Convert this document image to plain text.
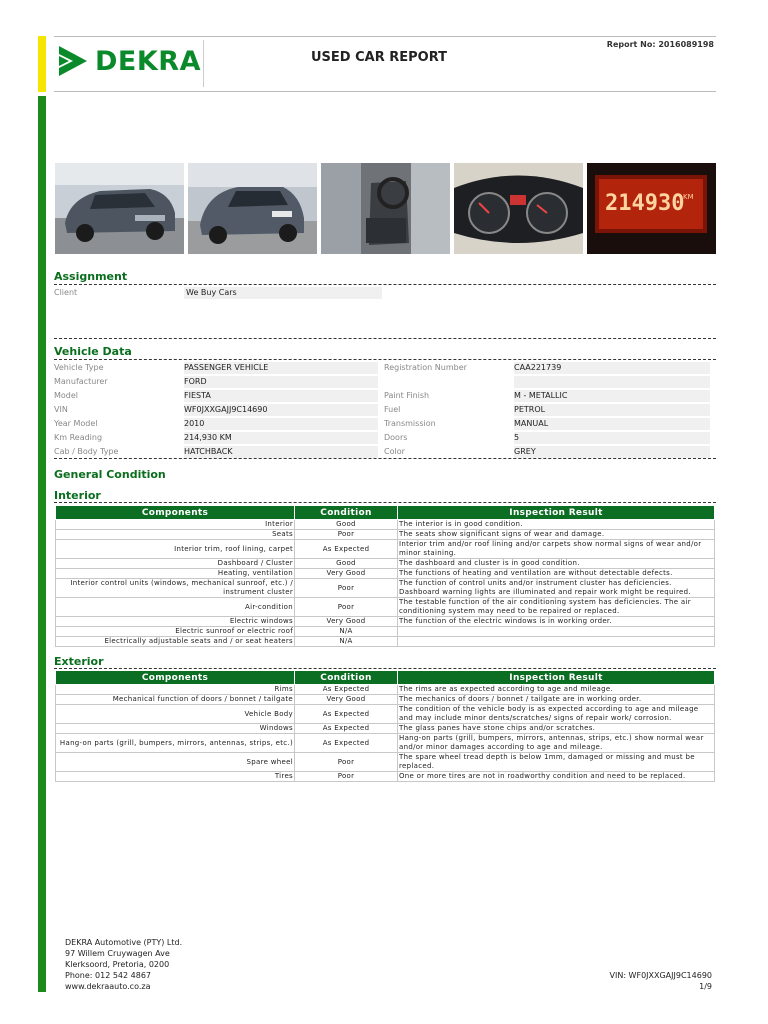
DEKRA	USED CAR REPORT
Report No: 2016089198
214930
KM
Assignment
Client	We Buy Cars
Vehicle Data
Vehicle Type	PASSENGER VEHICLE	Registration Number	CAA221739
Manufacturer	FORD
Model	FIESTA	Paint Finish	M - METALLIC
VIN	WF0JXXGAJJ9C14690	Fuel	PETROL
Year Model	2010	Transmission	MANUAL
Km Reading	214,930 KM	Doors	5
Cab / Body Type	HATCHBACK	Color	GREY
General Condition
Interior
Components	Condition	Inspection Result
Interior	Good	The interior is in good condition.
Seats	Poor	The seats show significant signs of wear and damage.
Interior trim, roof lining, carpet	As Expected	Interior trim and/or roof lining and/or carpets show normal signs of wear and/or minor staining.
Dashboard / Cluster	Good	The dashboard and cluster is in good condition.
Heating, ventilation	Very Good	The functions of heating and ventilation are without detectable defects.
Interior control units (windows, mechanical sunroof, etc.) / instrument cluster	Poor	The function of control units and/or instrument cluster has deficiencies. Dashboard warning lights are illuminated and repair work might be required.
Air-condition	Poor	The testable function of the air conditioning system has deficiencies. The air conditioning system may need to be repaired or replaced.
Electric windows	Very Good	The function of the electric windows is in working order.
Electric sunroof or electric roof	N/A	
Electrically adjustable seats and / or seat heaters	N/A	
Exterior
Components	Condition	Inspection Result
Rims	As Expected	The rims are as expected according to age and mileage.
Mechanical function of doors / bonnet / tailgate	Very Good	The mechanics of doors / bonnet / tailgate are in working order.
Vehicle Body	As Expected	The condition of the vehicle body is as expected according to age and mileage and may include minor dents/scratches/ signs of repair work/ corrosion.
Windows	As Expected	The glass panes have stone chips and/or scratches.
Hang-on parts (grill, bumpers, mirrors, antennas, strips, etc.)	As Expected	Hang-on parts (grill, bumpers, mirrors, antennas, strips, etc.) show normal wear and/or minor damages according to age and mileage.
Spare wheel	Poor	The spare wheel tread depth is below 1mm, damaged or missing and must be replaced.
Tires	Poor	One or more tires are not in roadworthy condition and need to be replaced.
DEKRA Automotive (PTY) Ltd.
97 Willem Cruywagen Ave
Klerksoord, Pretoria, 0200
Phone: 012 542 4867
www.dekraauto.co.za
VIN: WF0JXXGAJJ9C14690
1/9
